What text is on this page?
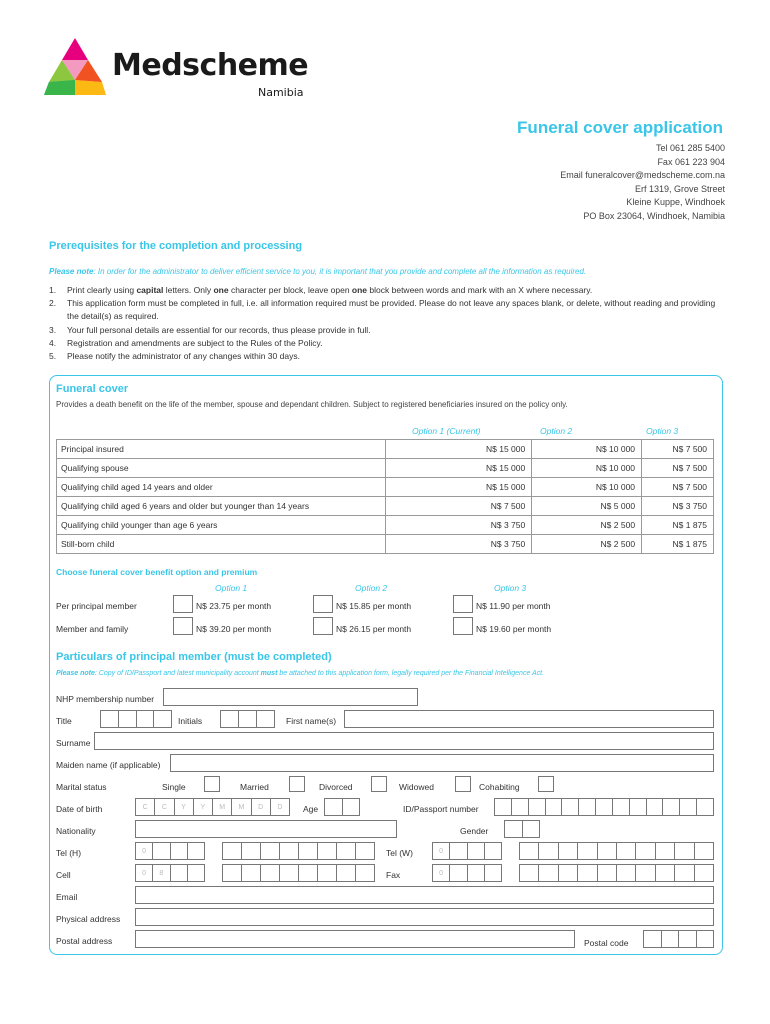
Medscheme
Namibia
Funeral cover application
Tel 061 285 5400
Fax 061 223 904
Email funeralcover@medscheme.com.na
Erf 1319, Grove Street
Kleine Kuppe, Windhoek
PO Box 23064, Windhoek, Namibia
Prerequisites for the completion and processing
Please note: In order for the administrator to deliver efficient service to you, it is important that you provide and complete all the information as required.
1. Print clearly using capital letters. Only one character per block, leave open one block between words and mark with an X where necessary.
2. This application form must be completed in full, i.e. all information required must be provided. Please do not leave any spaces blank, or delete, without reading and providing the detail(s) as required.
3. Your full personal details are essential for our records, thus please provide in full.
4. Registration and amendments are subject to the Rules of the Policy.
5. Please notify the administrator of any changes within 30 days.
Funeral cover
Provides a death benefit on the life of the member, spouse and dependant children. Subject to registered beneficiaries insured on the policy only.
Option 1 (Current)	Option 2	Option 3
Principal insured	N$ 15 000	N$ 10 000	N$ 7 500
Qualifying spouse	N$ 15 000	N$ 10 000	N$ 7 500
Qualifying child aged 14 years and older	N$ 15 000	N$ 10 000	N$ 7 500
Qualifying child aged 6 years and older but younger than 14 years	N$ 7 500	N$ 5 000	N$ 3 750
Qualifying child younger than age 6 years	N$ 3 750	N$ 2 500	N$ 1 875
Still-born child	N$ 3 750	N$ 2 500	N$ 1 875
Choose funeral cover benefit option and premium
Option 1	Option 2	Option 3
Per principal member	N$ 23.75 per month	N$ 15.85 per month	N$ 11.90 per month
Member and family	N$ 39.20 per month	N$ 26.15 per month	N$ 19.60 per month
Particulars of principal member (must be completed)
Please note: Copy of ID/Passport and latest municipality account must be attached to this application form, legally required per the Financial Intelligence Act.
NHP membership number
Title	Initials	First name(s)
Surname
Maiden name (if applicable)
Marital status	Single	Married	Divorced	Widowed	Cohabiting
Date of birth	C	C	Y	Y	M	M	D	D	Age	ID/Passport number
Nationality	Gender
Tel (H)	0	Tel (W)	0
Cell	0	8	Fax	0
Email
Physical address
Postal address	Postal code
